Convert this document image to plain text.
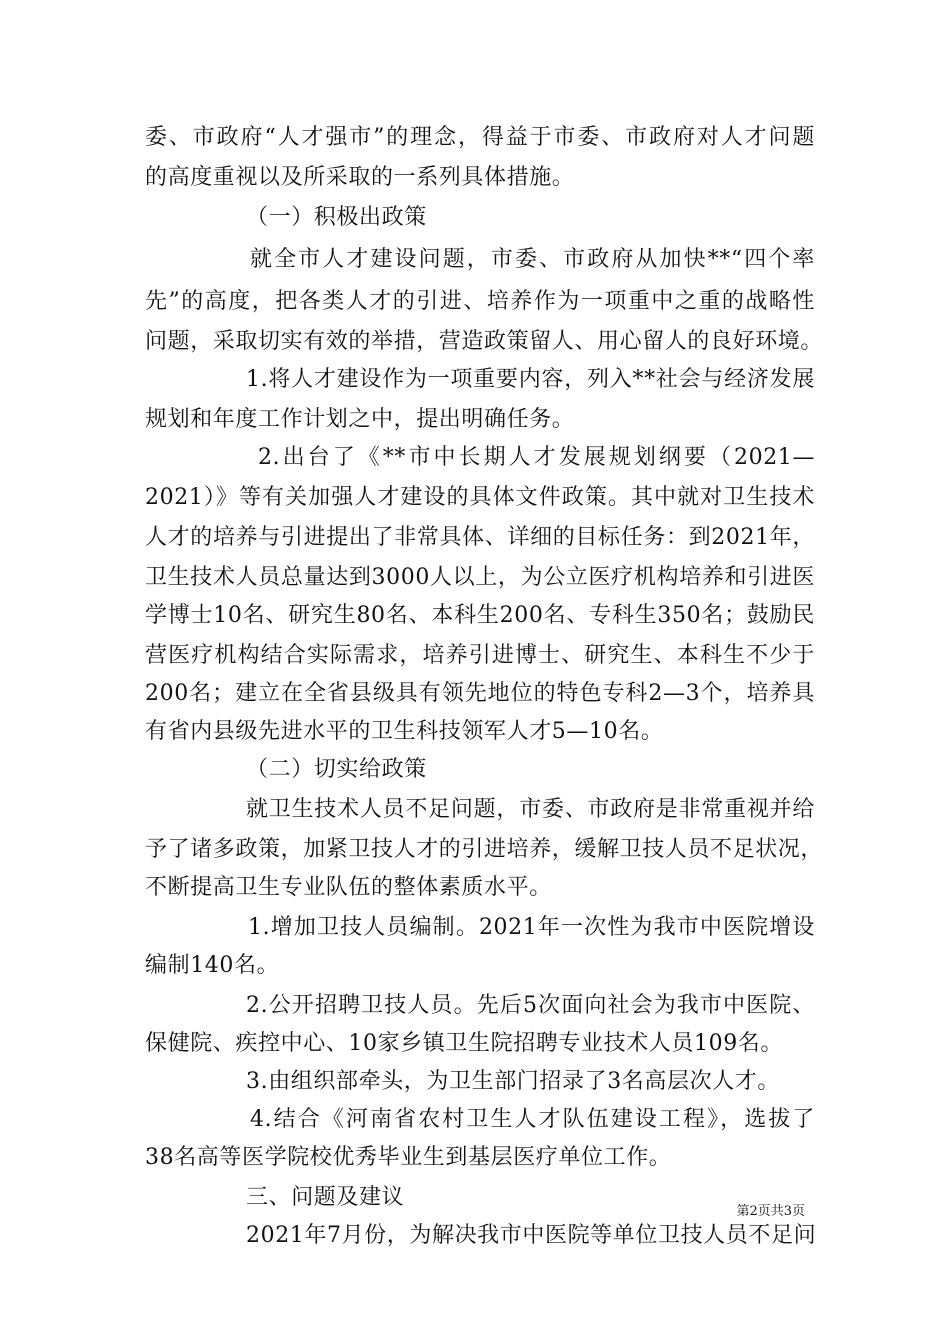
委、市政府“人才强市”的理念，得益于市委、市政府对人才问题
的高度重视以及所采取的一系列具体措施。
（一）积极出政策
就全市人才建设问题，市委、市政府从加快**“四个率
先”的高度，把各类人才的引进、培养作为一项重中之重的战略性
问题，采取切实有效的举措，营造政策留人、用心留人的良好环境。
1.将人才建设作为一项重要内容，列入**社会与经济发展
规划和年度工作计划之中，提出明确任务。
2.出台了《**市中长期人才发展规划纲要（2021—
2021）》等有关加强人才建设的具体文件政策。其中就对卫生技术
人才的培养与引进提出了非常具体、详细的目标任务：到2021年，
卫生技术人员总量达到3000人以上，为公立医疗机构培养和引进医
学博士10名、研究生80名、本科生200名、专科生350名；鼓励民
营医疗机构结合实际需求，培养引进博士、研究生、本科生不少于
200名；建立在全省县级具有领先地位的特色专科2—3个，培养具
有省内县级先进水平的卫生科技领军人才5—10名。
（二）切实给政策
就卫生技术人员不足问题，市委、市政府是非常重视并给
予了诸多政策，加紧卫技人才的引进培养，缓解卫技人员不足状况，
不断提高卫生专业队伍的整体素质水平。
1.增加卫技人员编制。2021年一次性为我市中医院增设
编制140名。
2.公开招聘卫技人员。先后5次面向社会为我市中医院、
保健院、疾控中心、10家乡镇卫生院招聘专业技术人员109名。
3.由组织部牵头，为卫生部门招录了3名高层次人才。
4.结合《河南省农村卫生人才队伍建设工程》，选拔了
38名高等医学院校优秀毕业生到基层医疗单位工作。
三、问题及建议
2021年7月份，为解决我市中医院等单位卫技人员不足问
第2页共3页
